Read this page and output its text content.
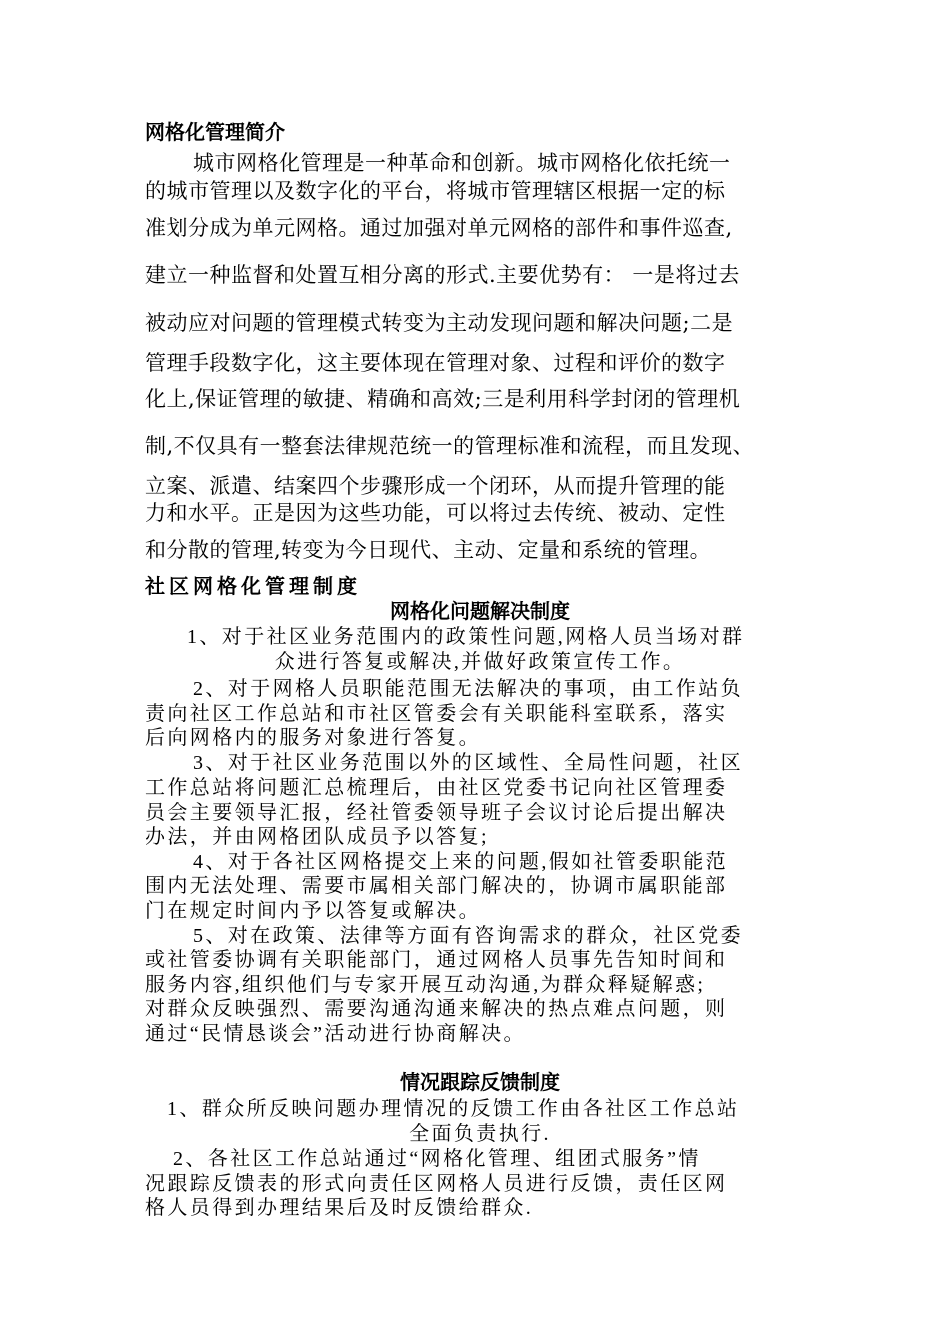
网格化管理简介
城市网格化管理是一种革命和创新。城市网格化依托统一
的城市管理以及数字化的平台，将城市管理辖区根据一定的标
准划分成为单元网格。通过加强对单元网格的部件和事件巡查,
建立一种监督和处置互相分离的形式.主要优势有： 一是将过去
被动应对问题的管理模式转变为主动发现问题和解决问题;二是
管理手段数字化，这主要体现在管理对象、过程和评价的数字
化上,保证管理的敏捷、精确和高效;三是利用科学封闭的管理机
制,不仅具有一整套法律规范统一的管理标准和流程，而且发现、
立案、派遣、结案四个步骤形成一个闭环，从而提升管理的能
力和水平。正是因为这些功能，可以将过去传统、被动、定性
和分散的管理,转变为今日现代、主动、定量和系统的管理。
社区网格化管理制度
网格化问题解决制度
1、对于社区业务范围内的政策性问题,网格人员当场对群
众进行答复或解决,并做好政策宣传工作。
2、对于网格人员职能范围无法解决的事项，由工作站负
责向社区工作总站和市社区管委会有关职能科室联系，落实
后向网格内的服务对象进行答复。
3、对于社区业务范围以外的区域性、全局性问题，社区
工作总站将问题汇总梳理后，由社区党委书记向社区管理委
员会主要领导汇报，经社管委领导班子会议讨论后提出解决
办法，并由网格团队成员予以答复;
4、对于各社区网格提交上来的问题,假如社管委职能范
围内无法处理、需要市属相关部门解决的，协调市属职能部
门在规定时间内予以答复或解决。
5、对在政策、法律等方面有咨询需求的群众，社区党委
或社管委协调有关职能部门，通过网格人员事先告知时间和
服务内容,组织他们与专家开展互动沟通,为群众释疑解惑;
对群众反映强烈、需要沟通沟通来解决的热点难点问题，则
通过“民情恳谈会”活动进行协商解决。
情况跟踪反馈制度
1、群众所反映问题办理情况的反馈工作由各社区工作总站
全面负责执行.
2、各社区工作总站通过“网格化管理、组团式服务”情
况跟踪反馈表的形式向责任区网格人员进行反馈，责任区网
格人员得到办理结果后及时反馈给群众.
